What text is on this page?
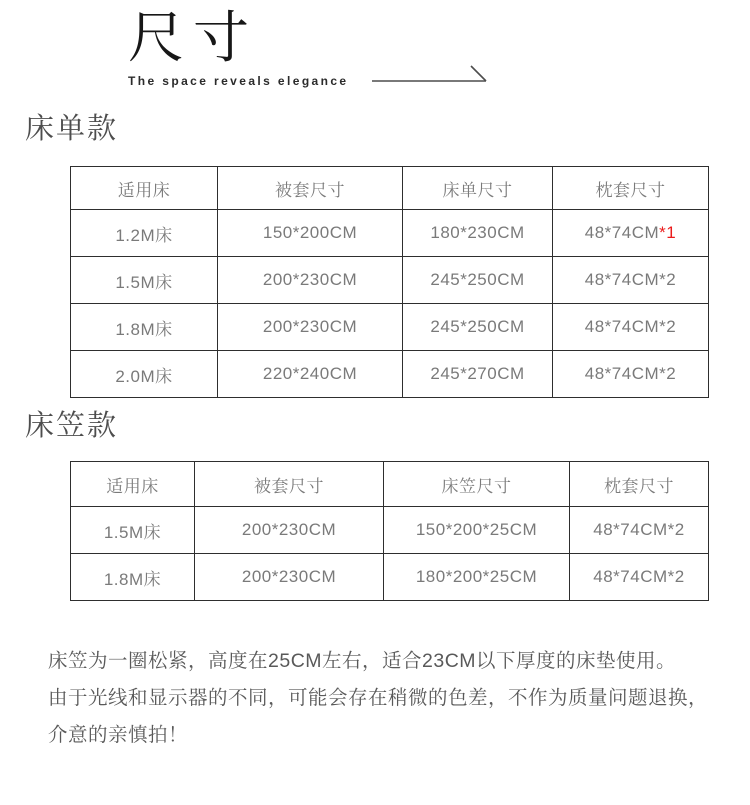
尺寸
The space reveals elegance
床单款
适用床	被套尺寸	床单尺寸	枕套尺寸
1.2M床	150*200CM	180*230CM	48*74CM*1
1.5M床	200*230CM	245*250CM	48*74CM*2
1.8M床	200*230CM	245*250CM	48*74CM*2
2.0M床	220*240CM	245*270CM	48*74CM*2
床笠款
适用床	被套尺寸	床笠尺寸	枕套尺寸
1.5M床	200*230CM	150*200*25CM	48*74CM*2
1.8M床	200*230CM	180*200*25CM	48*74CM*2

床笠为一圈松紧，高度在25CM左右，适合23CM以下厚度的床垫使用。

由于光线和显示器的不同，可能会存在稍微的色差，不作为质量问题退换，

介意的亲慎拍！
